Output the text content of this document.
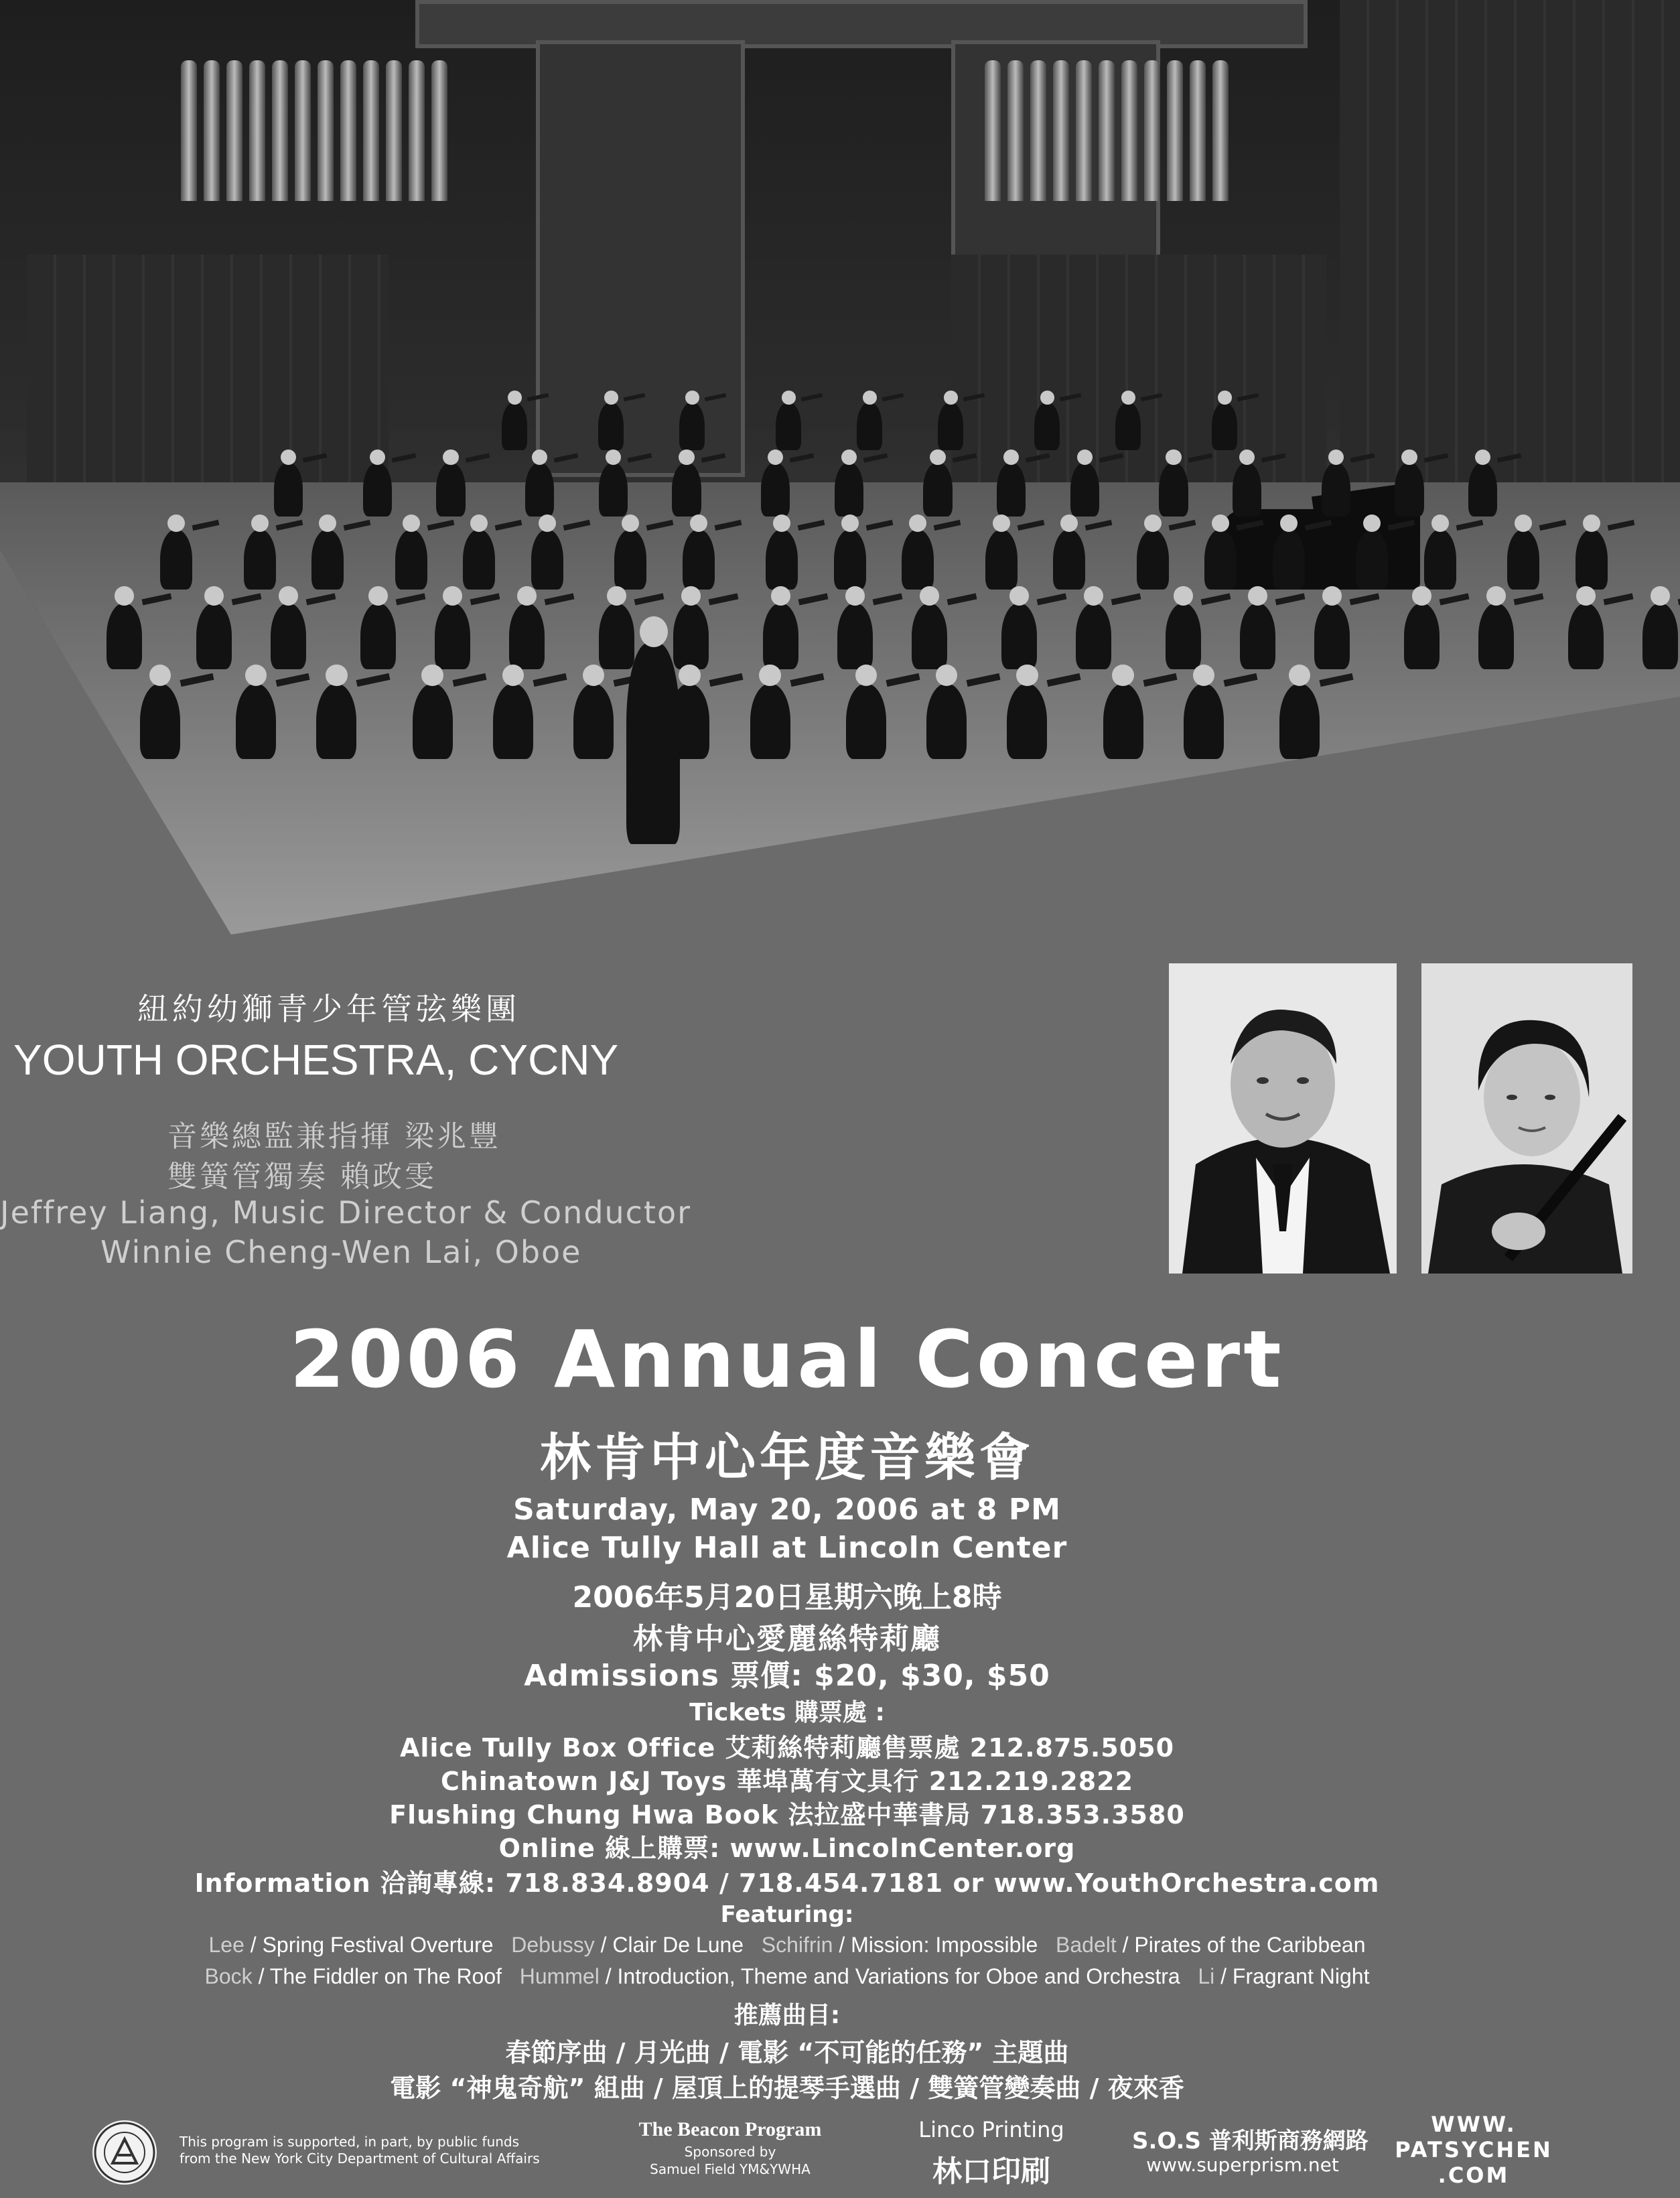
紐約幼獅青少年管弦樂團
YOUTH ORCHESTRA, CYCNY
音樂總監兼指揮 梁兆豐
雙簧管獨奏 賴政雯
Jeffrey Liang, Music Director & Conductor
Winnie Cheng-Wen Lai, Oboe
2006 Annual Concert
林肯中心年度音樂會
Saturday, May 20, 2006 at 8 PM
Alice Tully Hall at Lincoln Center
2006年5月20日星期六晚上8時
林肯中心愛麗絲特莉廳
Admissions 票價: $20, $30, $50
Tickets 購票處 :
Alice Tully Box Office 艾莉絲特莉廳售票處 212.875.5050
Chinatown J&J Toys 華埠萬有文具行 212.219.2822
Flushing Chung Hwa Book 法拉盛中華書局 718.353.3580
Online 線上購票: www.LincolnCenter.org
Information 洽詢專線: 718.834.8904 / 718.454.7181 or www.YouthOrchestra.com
Featuring:
Lee / Spring Festival Overture Debussy / Clair De Lune Schifrin / Mission: Impossible Badelt / Pirates of the Caribbean
Bock / The Fiddler on The Roof Hummel / Introduction, Theme and Variations for Oboe and Orchestra Li / Fragrant Night
推薦曲目:
春節序曲 / 月光曲 / 電影 “不可能的任務” 主題曲
電影 “神鬼奇航” 組曲 / 屋頂上的提琴手選曲 / 雙簧管變奏曲 / 夜來香
This program is supported, in part, by public funds
from the New York City Department of Cultural Affairs
The Beacon Program
Sponsored by
Samuel Field YM&YWHA
Linco Printing
林口印刷
S.O.S 普利斯商務網路
www.superprism.net
WWW.
PATSYCHEN
.COM
